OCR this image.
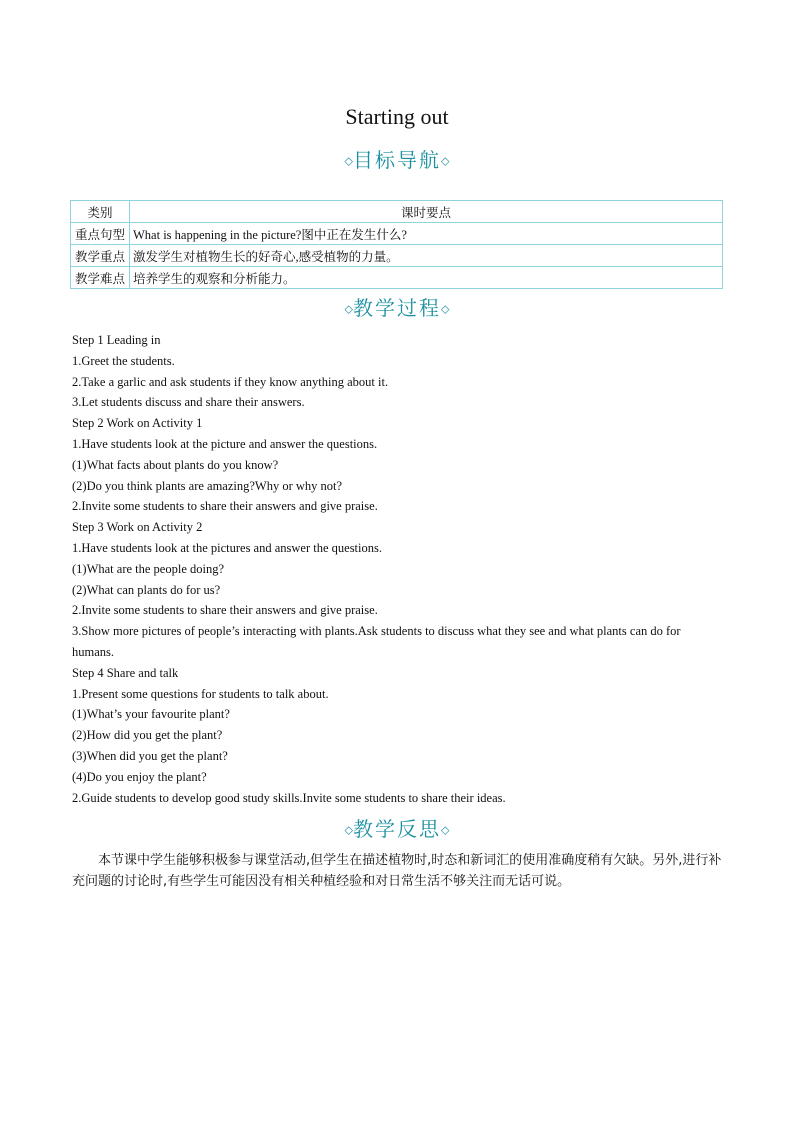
Starting out
◇目标导航◇
类别	课时要点
重点句型	What is happening in the picture?图中正在发生什么?
教学重点	激发学生对植物生长的好奇心,感受植物的力量。
教学难点	培养学生的观察和分析能力。
◇教学过程◇
Step 1 Leading in
1.Greet the students.
2.Take a garlic and ask students if they know anything about it.
3.Let students discuss and share their answers.
Step 2 Work on Activity 1
1.Have students look at the picture and answer the questions.
(1)What facts about plants do you know?
(2)Do you think plants are amazing?Why or why not?
2.Invite some students to share their answers and give praise.
Step 3 Work on Activity 2
1.Have students look at the pictures and answer the questions.
(1)What are the people doing?
(2)What can plants do for us?
2.Invite some students to share their answers and give praise.
3.Show more pictures of people’s interacting with plants.Ask students to discuss what they see and what plants can do for humans.
Step 4 Share and talk
1.Present some questions for students to talk about.
(1)What’s your favourite plant?
(2)How did you get the plant?
(3)When did you get the plant?
(4)Do you enjoy the plant?
2.Guide students to develop good study skills.Invite some students to share their ideas.
◇教学反思◇
本节课中学生能够积极参与课堂活动,但学生在描述植物时,时态和新词汇的使用准确度稍有欠缺。另外,进行补充问题的讨论时,有些学生可能因没有相关种植经验和对日常生活不够关注而无话可说。
